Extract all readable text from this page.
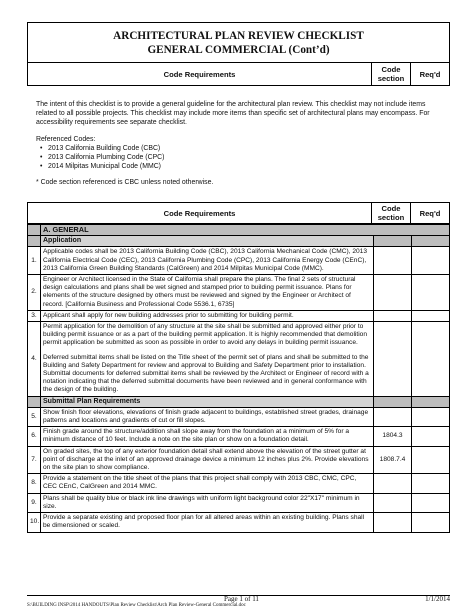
ARCHITECTURAL PLAN REVIEW CHECKLIST
GENERAL COMMERCIAL (Cont’d)
Code Requirements	Code section	Req'd

The intent of this checklist is to provide a general guideline for the architectural plan review. This checklist may not include items related to all possible projects. This checklist may include more items than specific set of architectural plans may encompass. For accessibility requirements see separate checklist.

Referenced Codes:
• 2013 California Building Code (CBC)
• 2013 California Plumbing Code (CPC)
• 2014 Milpitas Municipal Code (MMC)
* Code section referenced is CBC unless noted otherwise.
Code Requirements	Code section	Req'd
	A. GENERAL		
	Application		
1.	Applicable codes shall be 2013 California Building Code (CBC), 2013 California Mechanical Code (CMC), 2013 California Electrical Code (CEC), 2013 California Plumbing Code (CPC), 2013 California Energy Code (CEnC), 2013 California Green Building Standards (CalGreen) and 2014 Milpitas Municipal Code (MMC).		
2.	Engineer or Architect licensed in the State of California shall prepare the plans. The final 2 sets of structural design calculations and plans shall be wet signed and stamped prior to building permit issuance. Plans for elements of the structure designed by others must be reviewed and signed by the Engineer or Architect of record. [California Business and Professional Code 5536.1, 6735]		
3.	Applicant shall apply for new building addresses prior to submitting for building permit.		
4.	Permit application for the demolition of any structure at the site shall be submitted and approved either prior to building permit issuance or as a part of the building permit application. It is highly recommended that demolition permit application be submitted as soon as possible in order to avoid any delays in building permit issuance.
Deferred submittal items shall be listed on the Title sheet of the permit set of plans and shall be submitted to the Building and Safety Department for review and approval to Building and Safety Department prior to installation. Submittal documents for deferred submittal items shall be reviewed by the Architect or Engineer of record with a notation indicating that the deferred submittal documents have been reviewed and in general conformance with the design of the building.		

	Submittal Plan Requirements		
5.	Show finish floor elevations, elevations of finish grade adjacent to buildings, established street grades, drainage patterns and locations and gradients of cut or fill slopes.		
6.	Finish grade around the structure/addition shall slope away from the foundation at a minimum of 5% for a minimum distance of 10 feet. Include a note on the site plan or show on a foundation detail.	1804.3	
7.	On graded sites, the top of any exterior foundation detail shall extend above the elevation of the street gutter at point of discharge at the inlet of an approved drainage device a minimum 12 inches plus 2%. Provide elevations on the site plan to show compliance.	1808.7.4	
8.	Provide a statement on the title sheet of the plans that this project shall comply with 2013 CBC, CMC, CPC, CEC CEnC, CalGreen and 2014 MMC.		
9.	Plans shall be quality blue or black ink line drawings with uniform light background color 22"X17" minimum in size.		
10.	Provide a separate existing and proposed floor plan for all altered areas within an existing building. Plans shall be dimensioned or scaled.		
Page 1 of 11	1/1/2014
S:\BUILDING INSP\2014 HANDOUTS\Plan Review Checklist\Arch Plan Review-General Commercial.doc
